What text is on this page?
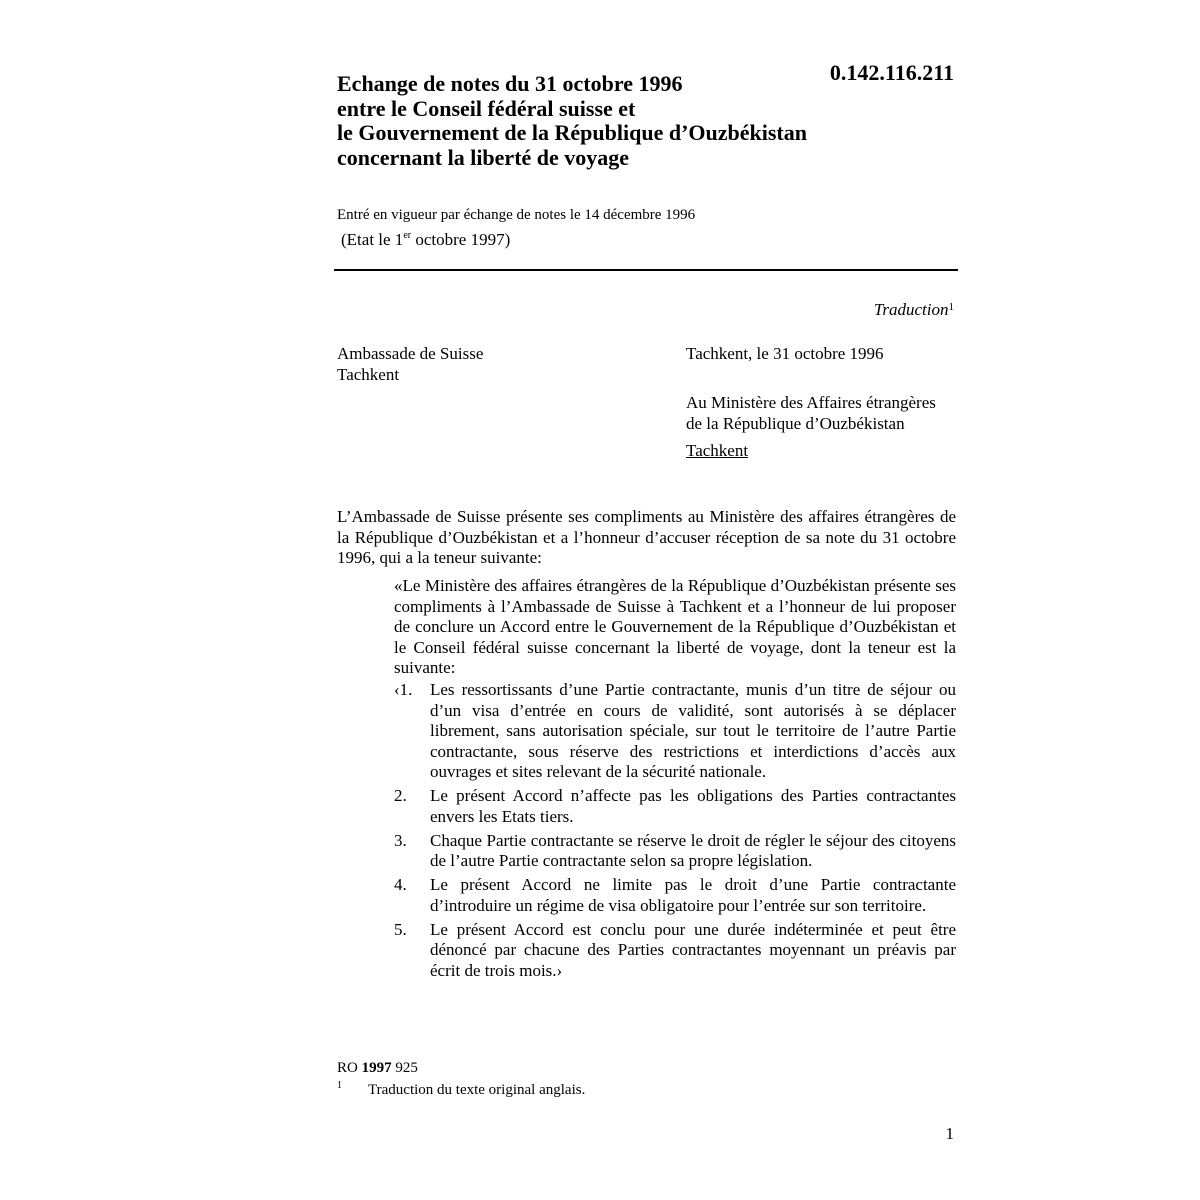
0.142.116.211
Echange de notes du 31 octobre 1996
entre le Conseil fédéral suisse et
le Gouvernement de la République d’Ouzbékistan
concernant la liberté de voyage
Entré en vigueur par échange de notes le 14 décembre 1996
(Etat le 1er octobre 1997)
Traduction$^1$
Ambassade de Suisse
Tachkent
Tachkent, le 31 octobre 1996
Au Ministère des Affaires étrangères
de la République d’Ouzbékistan
Tachkent

L’Ambassade de Suisse présente ses compliments au Ministère des affaires étrangères de la République d’Ouzbékistan et a l’honneur d’accuser réception de sa note du 31 octobre 1996, qui a la teneur suivante:

«Le Ministère des affaires étrangères de la République d’Ouzbékistan présente ses compliments à l’Ambassade de Suisse à Tachkent et a l’honneur de lui proposer de conclure un Accord entre le Gouvernement de la République d’Ouzbékistan et le Conseil fédéral suisse concernant la liberté de voyage, dont la teneur est la suivante:

‹1. Les ressortissants d’une Partie contractante, munis d’un titre de séjour ou d’un visa d’entrée en cours de validité, sont autorisés à se déplacer librement, sans autorisation spéciale, sur tout le territoire de l’autre Partie contractante, sous réserve des restrictions et interdictions d’accès aux ouvrages et sites relevant de la sécurité nationale.
2. Le présent Accord n’affecte pas les obligations des Parties contractantes envers les Etats tiers.
3. Chaque Partie contractante se réserve le droit de régler le séjour des citoyens de l’autre Partie contractante selon sa propre législation.
4. Le présent Accord ne limite pas le droit d’une Partie contractante d’introduire un régime de visa obligatoire pour l’entrée sur son territoire.
5. Le présent Accord est conclu pour une durée indéterminée et peut être dénoncé par chacune des Parties contractantes moyennant un préavis par écrit de trois mois.›
RO 1997 925
$^1$ Traduction du texte original anglais.
1
